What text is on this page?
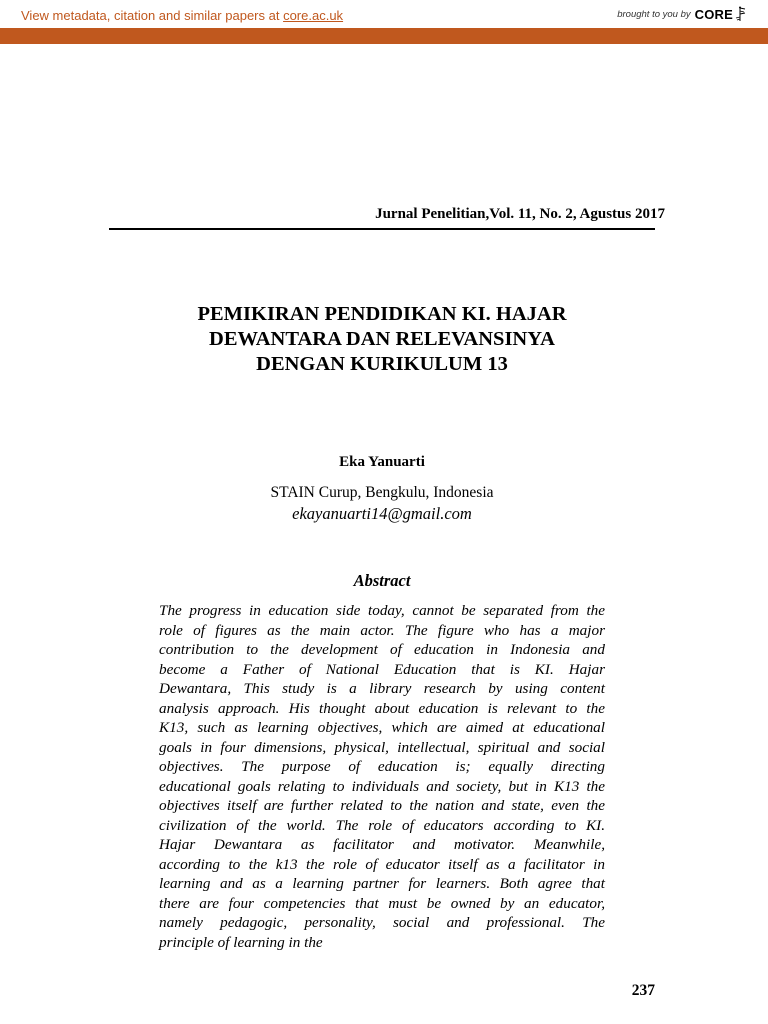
View metadata, citation and similar papers at core.ac.uk	brought to you by CORE
Jurnal Penelitian,Vol. 11, No. 2, Agustus 2017
PEMIKIRAN PENDIDIKAN KI. HAJAR
DEWANTARA DAN RELEVANSINYA
DENGAN KURIKULUM 13
Eka Yanuarti
STAIN Curup, Bengkulu, Indonesia
ekayanuarti14@gmail.com
Abstract
The progress in education side today, cannot be separated from the
role of figures as the main actor. The figure who has a major
contribution to the development of education in Indonesia and
become a Father of National Education that is KI. Hajar
Dewantara, This study is a library research by using content
analysis approach. His thought about education is relevant to the
K13, such as learning objectives, which are aimed at educational
goals in four dimensions, physical, intellectual, spiritual and social
objectives. The purpose of education is; equally directing
educational goals relating to individuals and society, but in K13 the
objectives itself are further related to the nation and state, even the
civilization of the world. The role of educators according to KI.
Hajar Dewantara as facilitator and motivator. Meanwhile,
according to the k13 the role of educator itself as a facilitator in
learning and as a learning partner for learners. Both agree that
there are four competencies that must be owned by an educator,
namely pedagogic, personality, social and professional. The
principle of learning in the
237
